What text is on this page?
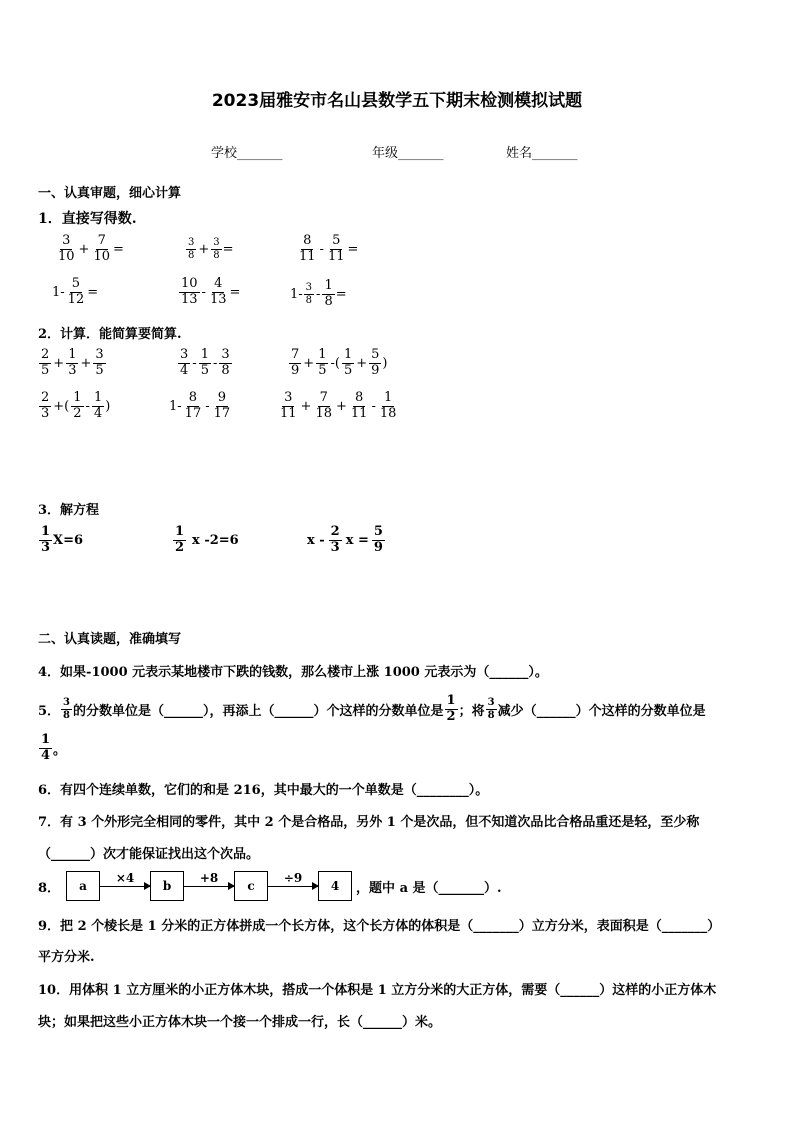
2023届雅安市名山县数学五下期末检测模拟试题
学校_______	年级_______	姓名_______
一、认真审题，细心计算
1．直接写得数.
$\frac{3}{10} + \frac{7}{10}$ =	$\frac{3}{8} + \frac{3}{8}$ =	$\frac{8}{11} - \frac{5}{11}$ =
$1- \frac{5}{12}$ =	$\frac{10}{13} - \frac{4}{13}$ =	$1- \frac{3}{8} - \frac{1}{8}$ =
2．计算．能简算要简算.
$\frac{2}{5} + \frac{1}{3} + \frac{3}{5}$	$\frac{3}{4} - \frac{1}{5} - \frac{3}{8}$	$\frac{7}{9} + \frac{1}{5}$ -( $\frac{1}{5} + \frac{5}{9}$ )
$\frac{2}{3}$ +( $\frac{1}{2} - \frac{1}{4}$ )	$1- \frac{8}{17} - \frac{9}{17}$	$\frac{3}{11} + \frac{7}{18} + \frac{8}{11} - \frac{1}{18}$
3．解方程
$\frac{1}{3} X=6$	$\frac{1}{2}$ x -2=6	x - $\frac{2}{3}$ $x = \frac{5}{9}$
二、认真读题，准确填写
4．如果-1000 元表示某地楼市下跌的钱数，那么楼市上涨 1000 元表示为（______）。
5． $\frac{3}{8}$ 的分数单位是（______），再添上（______）个这样的分数单位是 $\frac{1}{2}$ ；将 $\frac{3}{8}$ 减少（______）个这样的分数单位是
$\frac{1}{4}$ 。
6．有四个连续单数，它们的和是 216，其中最大的一个单数是（________）。
7．有 3 个外形完全相同的零件，其中 2 个是合格品，另外 1 个是次品，但不知道次品比合格品重还是轻，至少称
（______）次才能保证找出这个次品。
8．	a
×4
b
+8
c
÷9
4	，题中 a 是（_______）.
9．把 2 个棱长是 1 分米的正方体拼成一个长方体，这个长方体的体积是（_______）立方分米，表面积是（_______）
平方分米.
10．用体积 1 立方厘米的小正方体木块，搭成一个体积是 1 立方分米的大正方体，需要（______）这样的小正方体木
块；如果把这些小正方体木块一个接一个排成一行，长（______）米。
